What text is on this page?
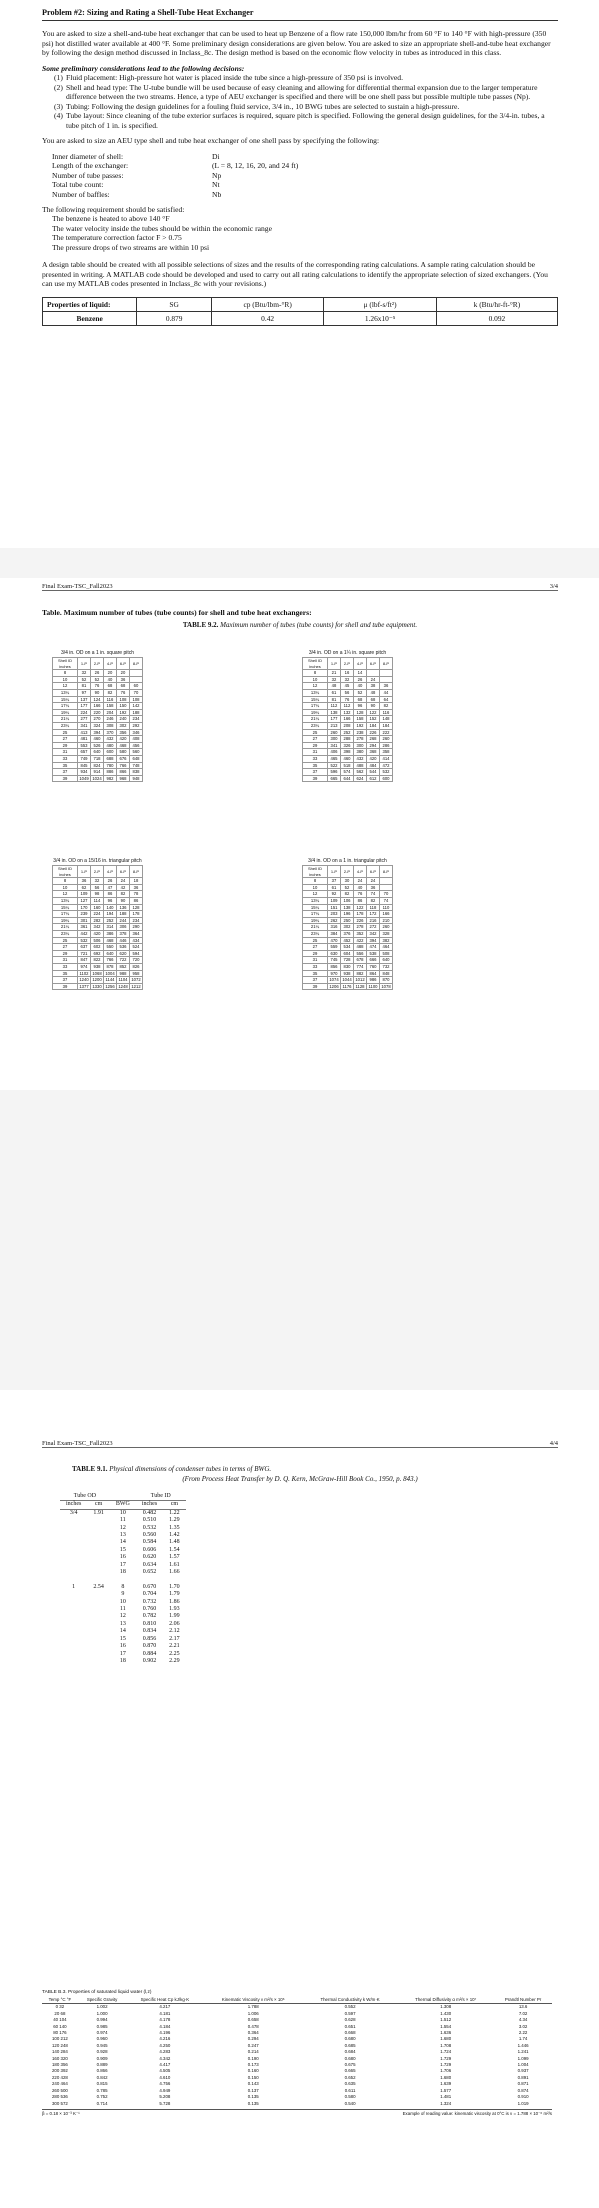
Problem #2: Sizing and Rating a Shell-Tube Heat Exchanger

You are asked to size a shell-and-tube heat exchanger that can be used to heat up Benzene of a flow rate 150,000 lbm/hr from 60 °F to 140 °F with high-pressure (350 psi) hot distilled water available at 400 °F. Some preliminary design considerations are given below. You are asked to size an appropriate shell-and-tube heat exchanger by following the design method discussed in Inclass_8c. The design method is based on the economic flow velocity in tubes as introduced in this class.

Some preliminary considerations lead to the following decisions:
(1) Fluid placement: High-pressure hot water is placed inside the tube since a high-pressure of 350 psi is involved.
(2) Shell and head type: The U-tube bundle will be used because of easy cleaning and allowing for differential thermal expansion due to the larger temperature difference between the two streams. Hence, a type of AEU exchanger is specified and there will be one shell pass but possible multiple tube passes (Np).
(3) Tubing: Following the design guidelines for a fouling fluid service, 3/4 in., 10 BWG tubes are selected to sustain a high-pressure.
(4) Tube layout: Since cleaning of the tube exterior surfaces is required, square pitch is specified. Following the general design guidelines, for the 3/4-in. tubes, a tube pitch of 1 in. is specified.

You are asked to size an AEU type shell and tube heat exchanger of one shell pass by specifying the following:

Inner diameter of shell:	Di
Length of the exchanger:	(L = 8, 12, 16, 20, and 24 ft)
Number of tube passes:	Np
Total tube count:	Nt
Number of baffles:	Nb
The following requirement should be satisfied:
The benzene is heated to above 140 °F
The water velocity inside the tubes should be within the economic range
The temperature correction factor F > 0.75
The pressure drops of two streams are within 10 psi

A design table should be created with all possible selections of sizes and the results of the corresponding rating calculations. A sample rating calculation should be presented in writing. A MATLAB code should be developed and used to carry out all rating calculations to identify the appropriate selection of sized exchangers. (You can use my MATLAB codes presented in Inclass_8c with your revisions.)

Properties of liquid:	SG	cp (Btu/lbm-°R)	μ (lbf-s/ft²)	k (Btu/hr-ft-°R)
Benzene	0.879	0.42	1.26x10⁻⁵	0.092
Final Exam-TSC_Fall2023	3/4
Table. Maximum number of tubes (tube counts) for shell and tube heat exchangers:
TABLE 9.2. Maximum number of tubes (tube counts) for shell and tube equipment.
3/4 in. OD on a 1 in. square pitch
Shell ID inches	1-P	2-P	4-P	6-P	8-P
8	32	26	20	20	
10	52	52	40	36	
12	81	76	68	68	60
13¼	97	90	82	76	70
15¼	137	124	116	108	108
17¼	177	166	158	150	142
19¼	224	220	204	192	188
21¼	277	270	246	240	234
23¼	341	324	308	302	292
25	413	394	370	356	346
27	481	460	432	420	408
29	553	526	480	468	456
31	657	640	600	580	560
33	749	718	688	676	648
35	845	824	780	766	748
37	934	914	886	866	838
39	1049	1024	982	968	948
3/4 in. OD on a 1¼ in. square pitch
Shell ID inches	1-P	2-P	4-P	6-P	8-P
8	21	16	14		
10	32	32	26	24	
12	48	45	40	38	36
13¼	61	56	52	48	44
15¼	81	76	68	68	64
17¼	112	112	96	90	82
19¼	138	132	128	122	116
21¼	177	166	158	152	148
23¼	213	208	192	184	184
25	260	252	238	226	222
27	300	288	278	268	260
29	341	326	300	294	286
31	406	398	380	368	358
33	465	460	432	420	414
35	522	518	488	484	472
37	596	574	562	544	532
39	665	644	624	612	600
3/4 in. OD on a 15/16 in. triangular pitch
Shell ID inches	1-P	2-P	4-P	6-P	8-P
8	36	32	26	24	18
10	62	56	47	42	36
12	109	98	86	82	78
13¼	127	114	96	90	86
15¼	170	160	140	136	128
17¼	239	224	194	188	178
19¼	301	282	252	244	234
21¼	361	342	314	306	290
23¼	442	420	386	378	364
25	532	506	468	446	434
27	637	602	550	536	524
29	721	692	640	620	594
31	847	822	766	722	720
33	974	938	878	852	826
35	1102	1068	1004	988	958
37	1240	1200	1144	1104	1072
39	1377	1330	1256	1248	1212
3/4 in. OD on a 1 in. triangular pitch
Shell ID inches	1-P	2-P	4-P	6-P	8-P
8	37	30	24	24	
10	61	52	40	36	
12	92	82	76	74	70
13¼	109	106	86	82	74
15¼	151	138	122	118	110
17¼	203	196	178	172	166
19¼	262	250	226	216	210
21¼	316	302	278	272	260
23¼	384	376	352	342	328
25	470	452	422	394	382
27	559	534	488	474	464
29	630	604	556	538	508
31	745	728	678	666	640
33	856	830	774	760	732
35	970	938	882	864	848
37	1074	1044	1012	986	870
39	1206	1176	1128	1100	1078
Final Exam-TSC_Fall2023	4/4
TABLE 9.1. Physical dimensions of condenser tubes in terms of BWG.
(From Process Heat Transfer by D. Q. Kern, McGraw-Hill Book Co., 1950, p. 843.)
Tube OD			Tube ID	
inches	cm	BWG	inches	cm
3/4	1.91	10	0.482	1.22
		11	0.510	1.29
		12	0.532	1.35
		13	0.560	1.42
		14	0.584	1.48
		15	0.606	1.54
		16	0.620	1.57
		17	0.634	1.61
		18	0.652	1.66

1	2.54	8	0.670	1.70
		9	0.704	1.79
		10	0.732	1.86
		11	0.760	1.93
		12	0.782	1.99
		13	0.810	2.06
		14	0.834	2.12
		15	0.856	2.17
		16	0.870	2.21
		17	0.884	2.25
		18	0.902	2.29
TABLE B.3. Properties of saturated liquid water (l,z)
Temp °C °F	Specific Gravity	Specific Heat Cp kJ/kg·K	Kinematic Viscosity ν m²/s × 10⁶	Thermal Conductivity k W/m·K	Thermal Diffusivity α m²/s × 10⁷	Prandtl Number Pr
0 32	1.002	4.217	1.788	0.552	1.308	13.6
20 68	1.000	4.181	1.006	0.597	1.430	7.02
40 104	0.994	4.178	0.658	0.628	1.512	4.34
60 140	0.985	4.184	0.478	0.651	1.554	3.02
80 176	0.974	4.196	0.364	0.668	1.636	2.22
100 212	0.960	4.216	0.294	0.680	1.680	1.74
120 248	0.945	4.250	0.247	0.685	1.708	1.446
140 284	0.928	4.283	0.214	0.684	1.724	1.241
160 320	0.909	4.342	0.190	0.680	1.729	1.099
180 356	0.889	4.417	0.173	0.675	1.729	1.004
200 392	0.866	4.505	0.160	0.665	1.706	0.937
220 428	0.842	4.610	0.150	0.652	1.680	0.891
240 464	0.815	4.756	0.143	0.635	1.639	0.871
260 500	0.785	4.949	0.137	0.611	1.577	0.874
280 536	0.752	5.208	0.135	0.580	1.481	0.910
300 572	0.714	5.728	0.135	0.540	1.324	1.019
β = 0.18 × 10⁻³ K⁻¹	Example of reading value: kinematic viscosity at 0°C is ν = 1.788 × 10⁻⁶ m²/s
